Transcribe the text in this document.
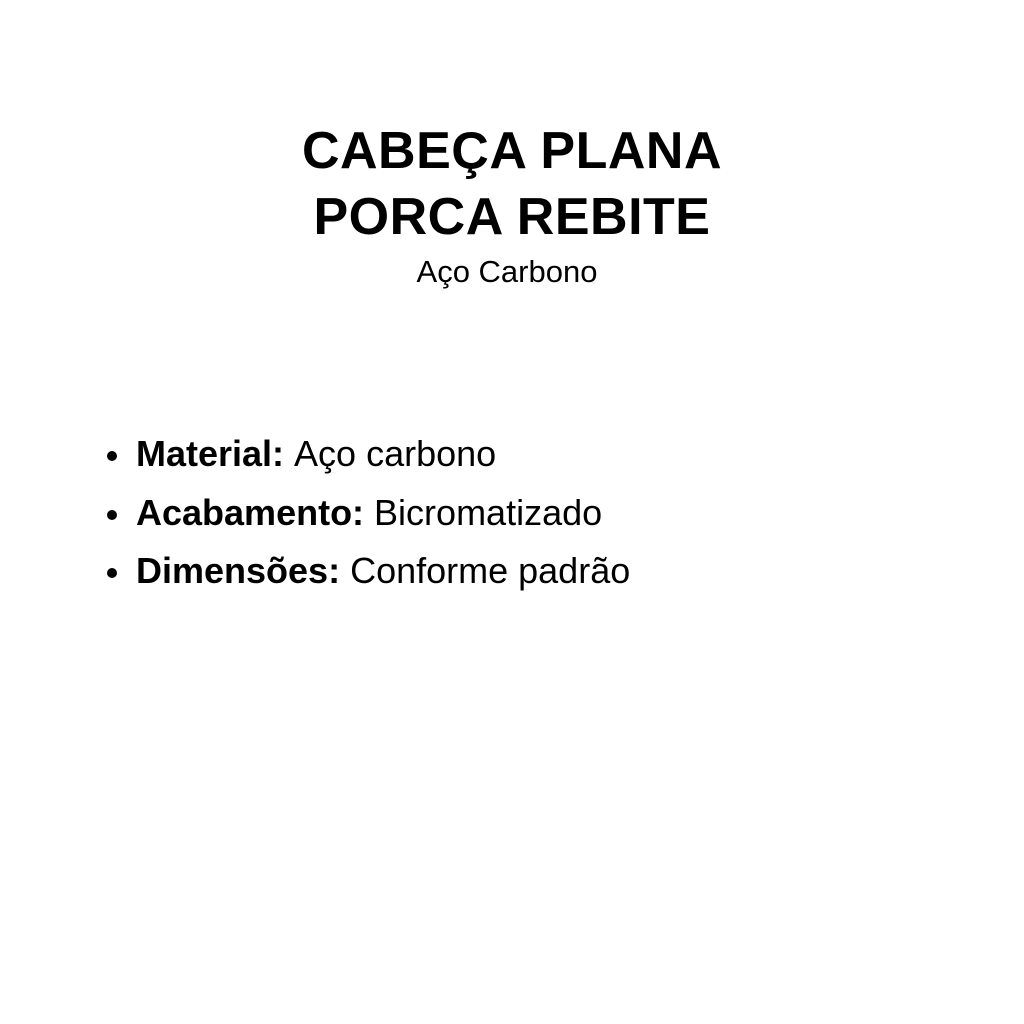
CABEÇA PLANA
PORCA REBITE
Aço Carbono
Material: Aço carbono
Acabamento: Bicromatizado
Dimensões: Conforme padrão
